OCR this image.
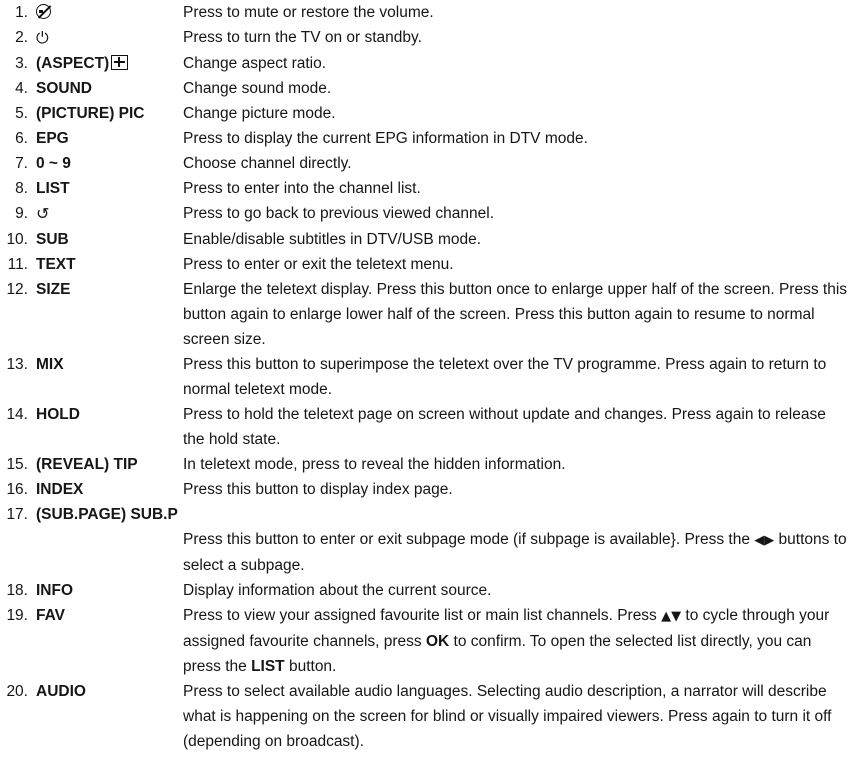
1.	Press to mute or restore the volume.
2. ⏻	Press to turn the TV on or standby.
3. (ASPECT)	Change aspect ratio.
4. SOUND	Change sound mode.
5. (PICTURE) PIC	Change picture mode.
6. EPG	Press to display the current EPG information in DTV mode.
7. 0 ~ 9	Choose channel directly.
8. LIST	Press to enter into the channel list.
9. ↺	Press to go back to previous viewed channel.
10. SUB	Enable/disable subtitles in DTV/USB mode.
11. TEXT	Press to enter or exit the teletext menu.
12. SIZE	Enlarge the teletext display. Press this button once to enlarge upper half of the screen. Press this button again to enlarge lower half of the screen. Press this button again to resume to normal screen size.
13. MIX	Press this button to superimpose the teletext over the TV programme. Press again to return to normal teletext mode.
14. HOLD	Press to hold the teletext page on screen without update and changes. Press again to release the hold state.
15. (REVEAL) TIP	In teletext mode, press to reveal the hidden information.
16. INDEX	Press this button to display index page.
17. (SUB.PAGE) SUB.P
Press this button to enter or exit subpage mode (if subpage is available}. Press the ◀▶ buttons to select a subpage.
18. INFO	Display information about the current source.
19. FAV	Press to view your assigned favourite list or main list channels. Press ▲▼ to cycle through your assigned favourite channels, press OK to confirm. To open the selected list directly, you can press the LIST button.
20. AUDIO	Press to select available audio languages. Selecting audio description, a narrator will describe what is happening on the screen for blind or visually impaired viewers. Press again to turn it off (depending on broadcast).
